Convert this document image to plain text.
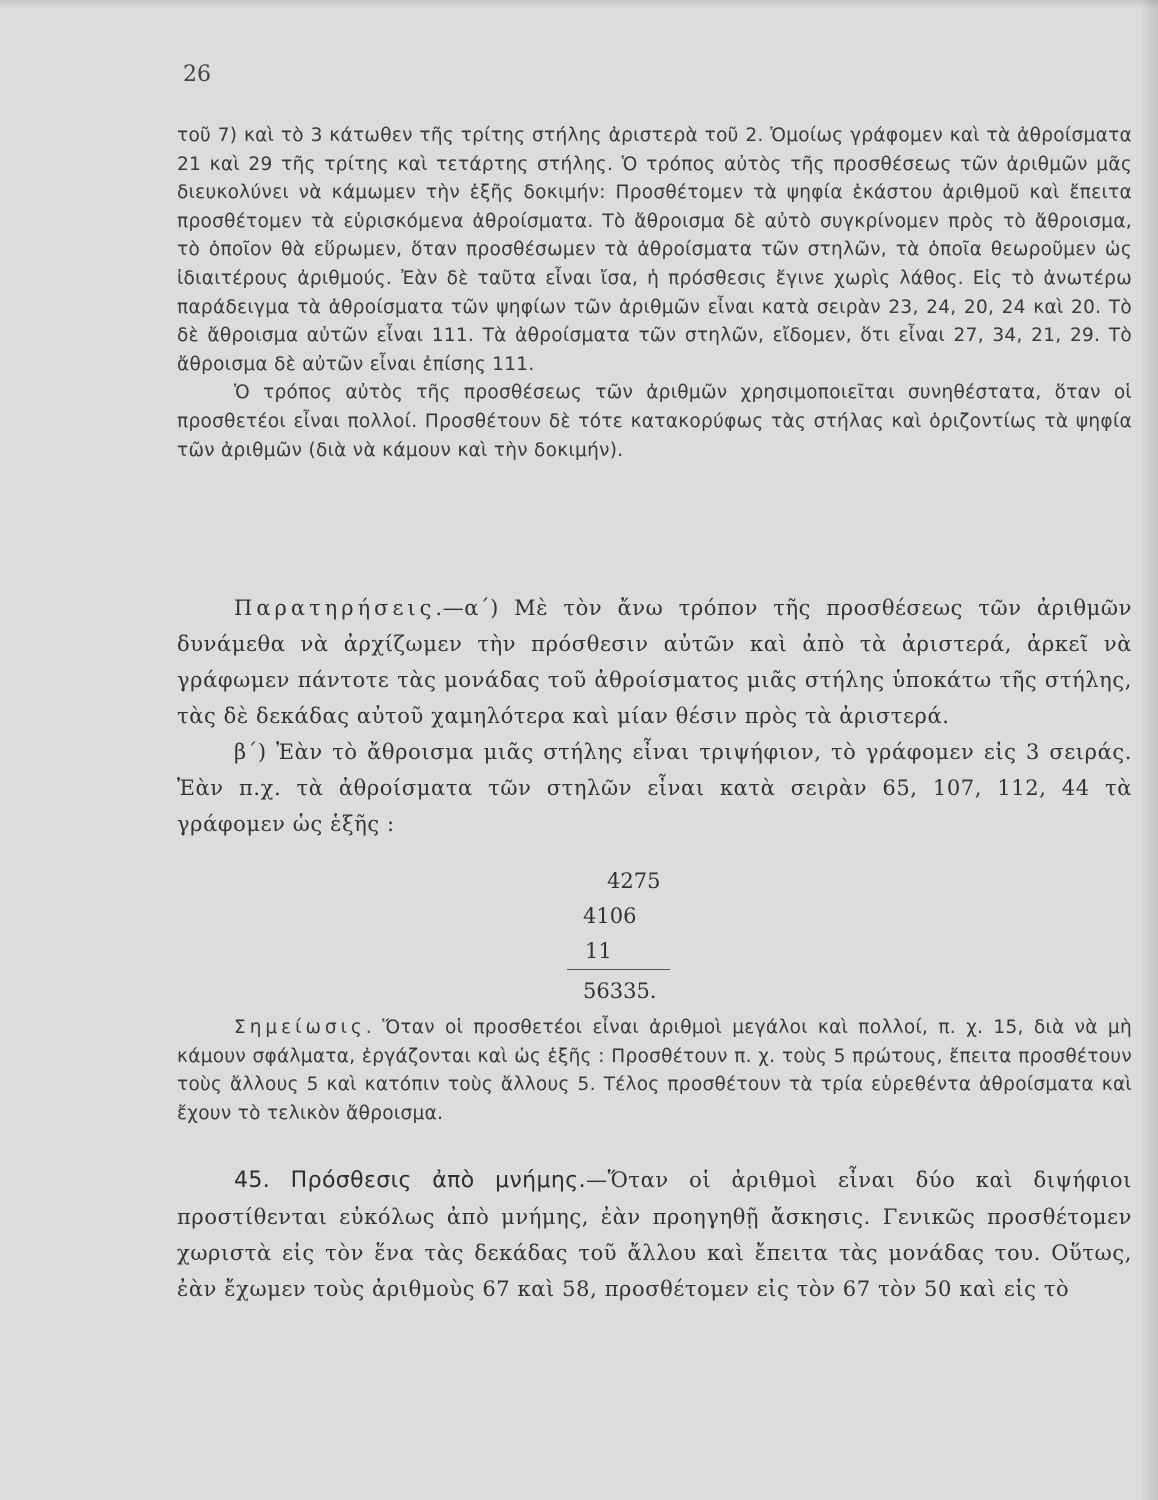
26

τοῦ 7) καὶ τὸ 3 κάτωθεν τῆς τρίτης στήλης ἀριστερὰ τοῦ 2. Ὁμοίως γράφομεν καὶ τὰ ἀθροίσματα 21 καὶ 29 τῆς τρίτης καὶ τετάρτης στήλης. Ὁ τρόπος αὐτὸς τῆς προσθέσεως τῶν ἀριθμῶν μᾶς διευκολύνει νὰ κάμωμεν τὴν ἑξῆς δοκιμήν: Προσθέτομεν τὰ ψηφία ἑκάστου ἀριθμοῦ καὶ ἔπειτα προσθέτομεν τὰ εὑρισκόμενα ἀθροίσματα. Τὸ ἄθροισμα δὲ αὐτὸ συγκρίνομεν πρὸς τὸ ἄθροισμα, τὸ ὁποῖον θὰ εὕρωμεν, ὅταν προσθέσωμεν τὰ ἀθροίσματα τῶν στηλῶν, τὰ ὁποῖα θεωροῦμεν ὡς ἰδιαιτέρους ἀριθμούς. Ἐὰν δὲ ταῦτα εἶναι ἴσα, ἡ πρόσθεσις ἔγινε χωρὶς λάθος. Εἰς τὸ ἀνωτέρω παράδειγμα τὰ ἀθροίσματα τῶν ψηφίων τῶν ἀριθμῶν εἶναι κατὰ σειρὰν 23, 24, 20, 24 καὶ 20. Τὸ δὲ ἄθροισμα αὐτῶν εἶναι 111. Τὰ ἀθροίσματα τῶν στηλῶν, εἴδομεν, ὅτι εἶναι 27, 34, 21, 29. Τὸ ἄθροισμα δὲ αὐτῶν εἶναι ἐπίσης 111.

Ὁ τρόπος αὐτὸς τῆς προσθέσεως τῶν ἀριθμῶν χρησιμοποιεῖται συνηθέστατα, ὅταν οἱ προσθετέοι εἶναι πολλοί. Προσθέτουν δὲ τότε κατακορύφως τὰς στήλας καὶ ὁριζοντίως τὰ ψηφία τῶν ἀριθμῶν (διὰ νὰ κάμουν καὶ τὴν δοκιμήν).

Παρατηρήσεις.—α΄) Μὲ τὸν ἄνω τρόπον τῆς προσθέσεως τῶν ἀριθμῶν δυνάμεθα νὰ ἀρχίζωμεν τὴν πρόσθεσιν αὐτῶν καὶ ἀπὸ τὰ ἀριστερά, ἀρκεῖ νὰ γράφωμεν πάντοτε τὰς μονάδας τοῦ ἀθροίσματος μιᾶς στήλης ὑποκάτω τῆς στήλης, τὰς δὲ δεκάδας αὐτοῦ χαμηλότερα καὶ μίαν θέσιν πρὸς τὰ ἀριστερά.

β΄) Ἐὰν τὸ ἄθροισμα μιᾶς στήλης εἶναι τριψήφιον, τὸ γράφομεν εἰς 3 σειράς. Ἐὰν π.χ. τὰ ἀθροίσματα τῶν στηλῶν εἶναι κατὰ σειρὰν 65, 107, 112, 44 τὰ γράφομεν ὡς ἑξῆς :

4275
4106
11
56335.

Σημείωσις. Ὅταν οἱ προσθετέοι εἶναι ἀριθμοὶ μεγάλοι καὶ πολλοί, π. χ. 15, διὰ νὰ μὴ κάμουν σφάλματα, ἐργάζονται καὶ ὡς ἑξῆς : Προσθέτουν π. χ. τοὺς 5 πρώτους, ἔπειτα προσθέτουν τοὺς ἄλλους 5 καὶ κατόπιν τοὺς ἄλλους 5. Τέλος προσθέτουν τὰ τρία εὑρεθέντα ἀθροίσματα καὶ ἔχουν τὸ τελικὸν ἄθροισμα.

45. Πρόσθεσις ἀπὸ μνήμης.—Ὅταν οἱ ἀριθμοὶ εἶναι δύο καὶ διψήφιοι προστίθενται εὐκόλως ἀπὸ μνήμης, ἐὰν προηγηθῇ ἄσκησις. Γενικῶς προσθέτομεν χωριστὰ εἰς τὸν ἕνα τὰς δεκάδας τοῦ ἄλλου καὶ ἔπειτα τὰς μονάδας του. Οὕτως, ἐὰν ἔχωμεν τοὺς ἀριθμοὺς 67 καὶ 58, προσθέτομεν εἰς τὸν 67 τὸν 50 καὶ εἰς τὸ
